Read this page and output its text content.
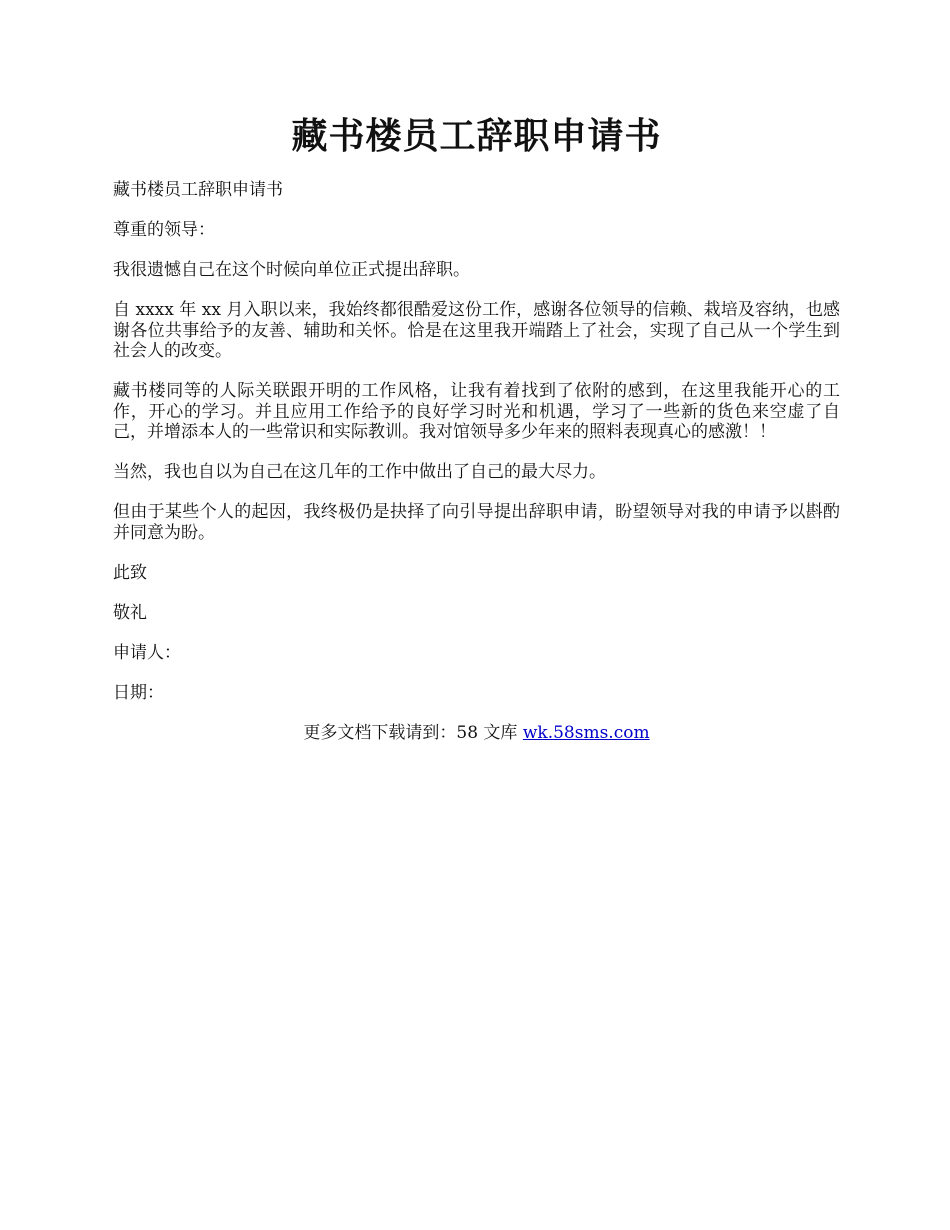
藏书楼员工辞职申请书

藏书楼员工辞职申请书

尊重的领导：

我很遗憾自己在这个时候向单位正式提出辞职。

自 xxxx 年 xx 月入职以来，我始终都很酷爱这份工作，感谢各位领导的信赖、栽培及容纳，也感谢各位共事给予的友善、辅助和关怀。恰是在这里我开端踏上了社会，实现了自己从一个学生到社会人的改变。

藏书楼同等的人际关联跟开明的工作风格，让我有着找到了依附的感到，在这里我能开心的工作，开心的学习。并且应用工作给予的良好学习时光和机遇，学习了一些新的货色来空虚了自己，并增添本人的一些常识和实际教训。我对馆领导多少年来的照料表现真心的感激！！

当然，我也自以为自己在这几年的工作中做出了自己的最大尽力。

但由于某些个人的起因，我终极仍是抉择了向引导提出辞职申请，盼望领导对我的申请予以斟酌并同意为盼。

此致

敬礼

申请人：

日期：

更多文档下载请到：58 文库 wk.58sms.com
